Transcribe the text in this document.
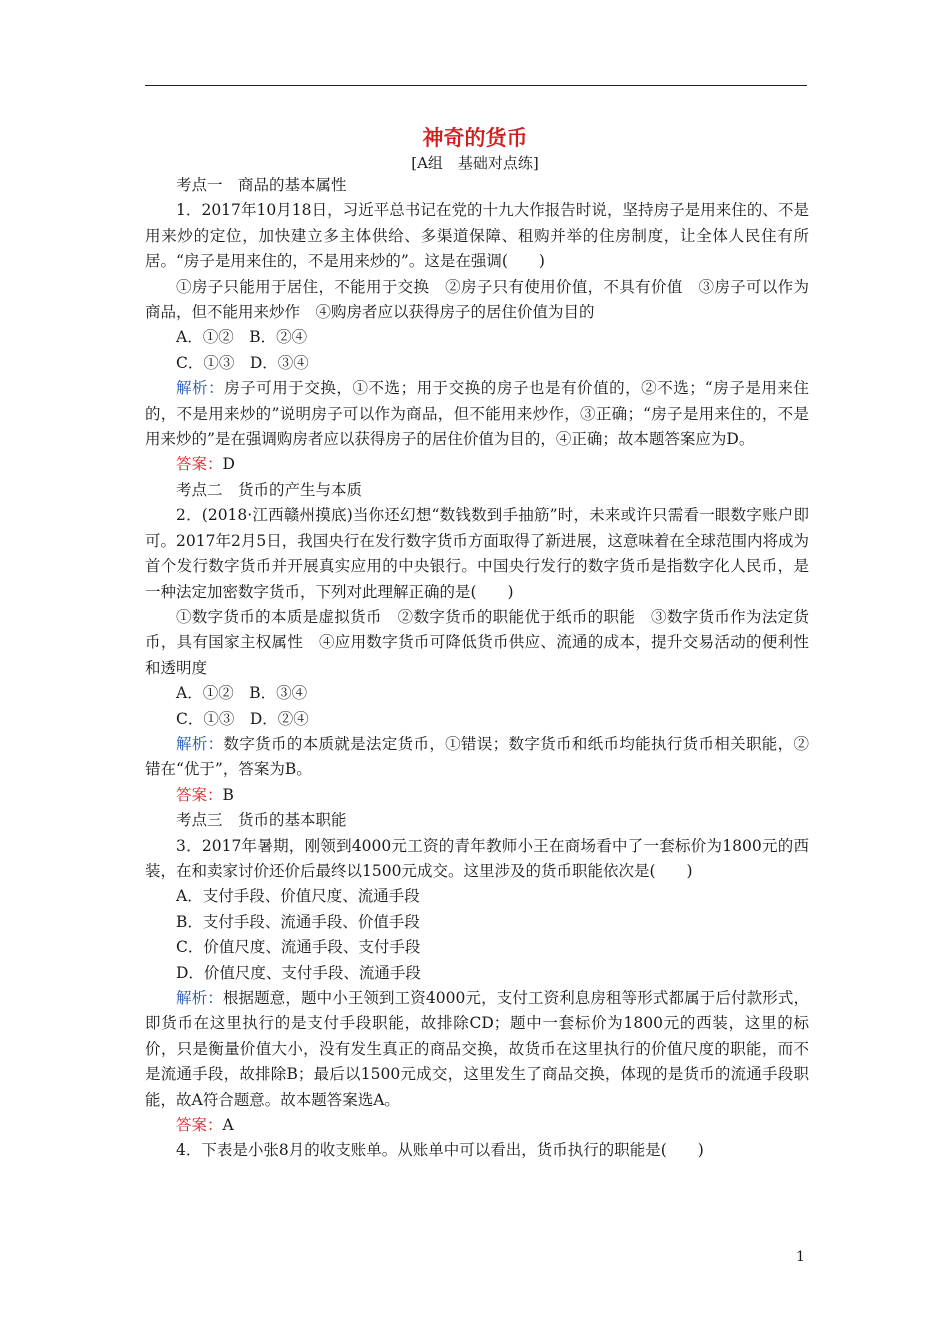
神奇的货币
[A组　基础对点练]

考点一　商品的基本属性

1．2017年10月18日，习近平总书记在党的十九大作报告时说，坚持房子是用来住的、不是用来炒的定位，加快建立多主体供给、多渠道保障、租购并举的住房制度，让全体人民住有所居。“房子是用来住的，不是用来炒的”。这是在强调(　　)

①房子只能用于居住，不能用于交换　②房子只有使用价值，不具有价值　③房子可以作为商品，但不能用来炒作　④购房者应以获得房子的居住价值为目的

A．①②　B．②④

C．①③　D．③④

解析：房子可用于交换，①不选；用于交换的房子也是有价值的，②不选；“房子是用来住的，不是用来炒的”说明房子可以作为商品，但不能用来炒作，③正确；“房子是用来住的，不是用来炒的”是在强调购房者应以获得房子的居住价值为目的，④正确；故本题答案应为D。

答案：D

考点二　货币的产生与本质

2．(2018·江西赣州摸底)当你还幻想“数钱数到手抽筋”时，未来或许只需看一眼数字账户即可。2017年2月5日，我国央行在发行数字货币方面取得了新进展，这意味着在全球范围内将成为首个发行数字货币并开展真实应用的中央银行。中国央行发行的数字货币是指数字化人民币，是一种法定加密数字货币，下列对此理解正确的是(　　)

①数字货币的本质是虚拟货币　②数字货币的职能优于纸币的职能　③数字货币作为法定货币，具有国家主权属性　④应用数字货币可降低货币供应、流通的成本，提升交易活动的便利性和透明度

A．①②　B．③④

C．①③　D．②④

解析：数字货币的本质就是法定货币，①错误；数字货币和纸币均能执行货币相关职能，②错在“优于”，答案为B。

答案：B

考点三　货币的基本职能

3．2017年暑期，刚领到4000元工资的青年教师小王在商场看中了一套标价为1800元的西装，在和卖家讨价还价后最终以1500元成交。这里涉及的货币职能依次是(　　)

A．支付手段、价值尺度、流通手段

B．支付手段、流通手段、价值手段

C．价值尺度、流通手段、支付手段

D．价值尺度、支付手段、流通手段

解析：根据题意，题中小王领到工资4000元，支付工资利息房租等形式都属于后付款形式，即货币在这里执行的是支付手段职能，故排除CD；题中一套标价为1800元的西装，这里的标价，只是衡量价值大小，没有发生真正的商品交换，故货币在这里执行的价值尺度的职能，而不是流通手段，故排除B；最后以1500元成交，这里发生了商品交换，体现的是货币的流通手段职能，故A符合题意。故本题答案选A。

答案：A

4．下表是小张8月的收支账单。从账单中可以看出，货币执行的职能是(　　)

1
